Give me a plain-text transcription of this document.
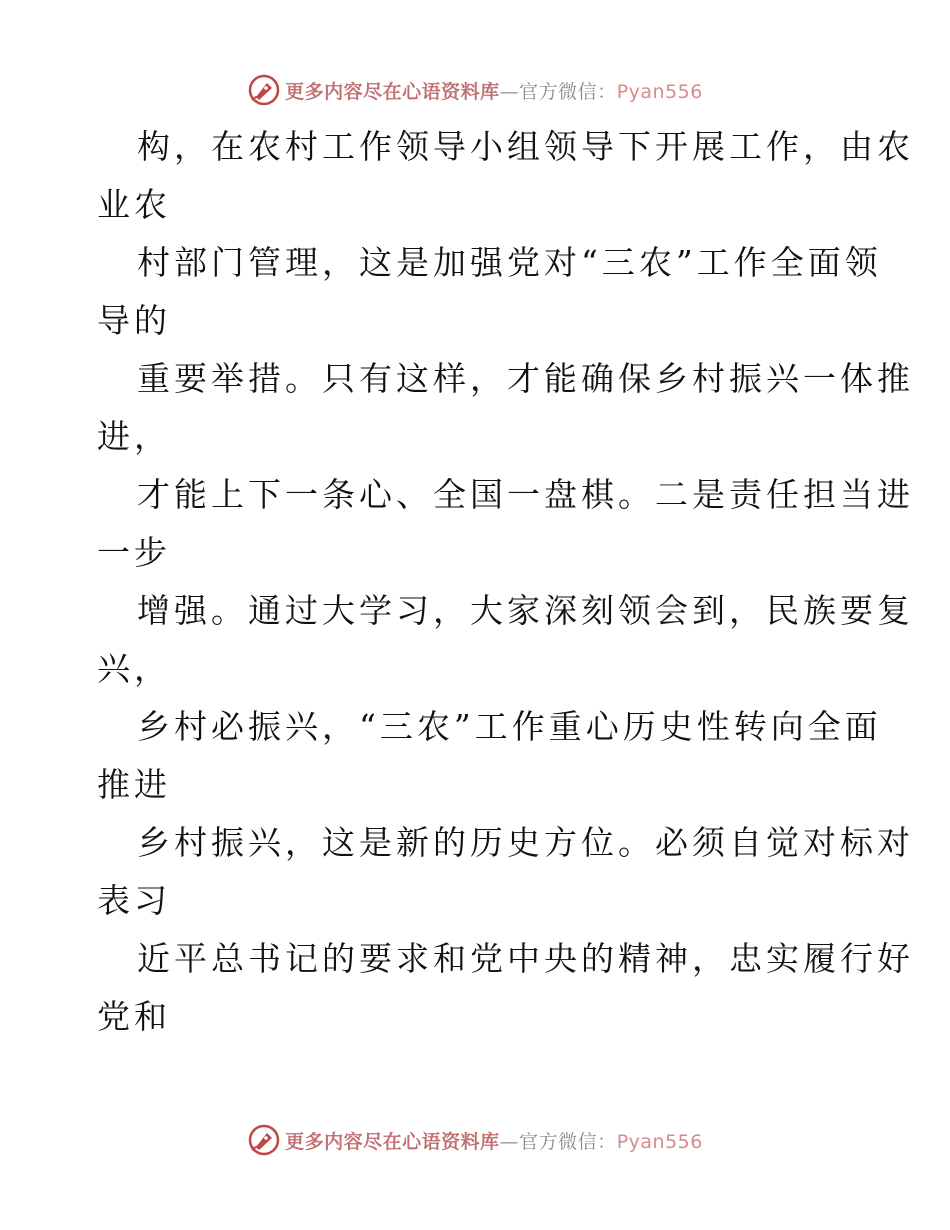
更多内容尽在心语资料库—官方微信：Pyan556
构，在农村工作领导小组领导下开展工作，由农
业农
村部门管理，这是加强党对“三农”工作全面领
导的
重要举措。只有这样，才能确保乡村振兴一体推
进，
才能上下一条心、全国一盘棋。二是责任担当进
一步
增强。通过大学习，大家深刻领会到，民族要复
兴，
乡村必振兴，“三农”工作重心历史性转向全面
推进
乡村振兴，这是新的历史方位。必须自觉对标对
表习
近平总书记的要求和党中央的精神，忠实履行好
党和
更多内容尽在心语资料库—官方微信：Pyan556
